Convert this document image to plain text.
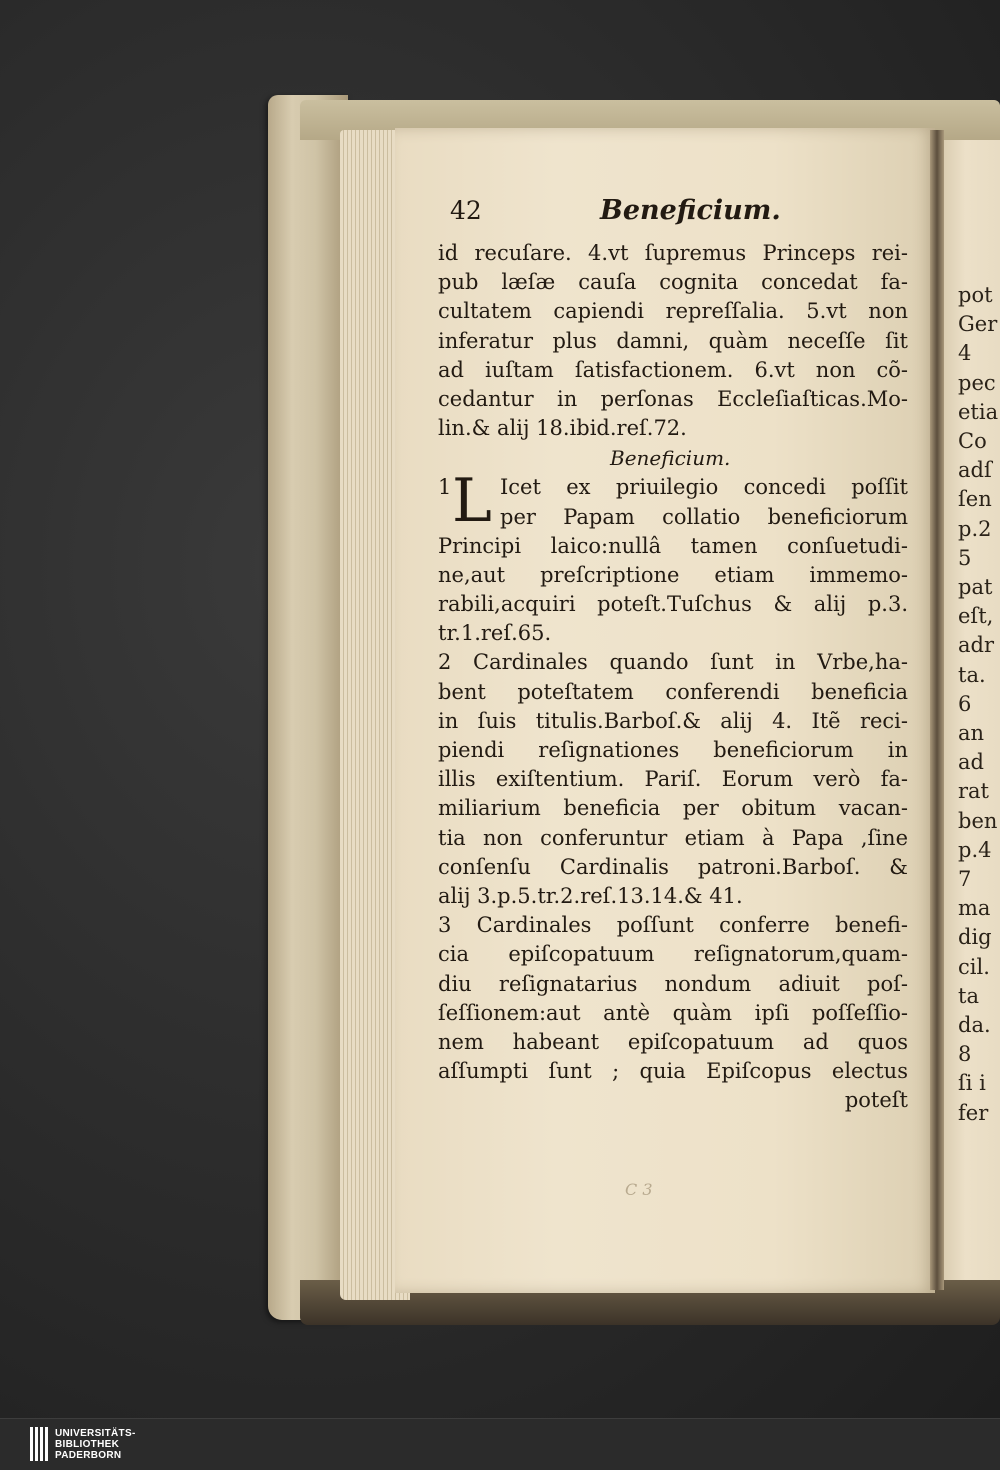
pot
Ger
4
pec
etia
Co
adſ
ſen
p.2
5
pat
eſt,
adr
ta.
6
an
ad
rat
ben
p.4
7
ma
dig
cil.
ta
da.
8
ſi i
fer
42	Beneficium.
id recuſare. 4.vt ſupremus Princeps rei-
pub læſæ cauſa cognita concedat fa-
cultatem capiendi repreſſalia. 5.vt non
inferatur plus damni, quàm neceſſe ſit
ad iuſtam ſatisfactionem. 6.vt non cõ-
cedantur in perſonas Eccleſiaſticas.Mo-
lin.& alij 18.ibid.reſ.72.
Beneficium.
1 L Icet ex priuilegio concedi poſſit
per Papam collatio beneficiorum
Principi laico:nullâ tamen conſuetudi-
ne,aut preſcriptione etiam immemo-
rabili,acquiri poteſt.Tuſchus & alij p.3.
tr.1.reſ.65.
2 Cardinales quando ſunt in Vrbe,ha-
bent poteſtatem conferendi beneficia
in ſuis titulis.Barboſ.& alij 4. Itẽ reci-
piendi reſignationes beneficiorum in
illis exiſtentium. Pariſ. Eorum verò fa-
miliarium beneficia per obitum vacan-
tia non conferuntur etiam à Papa ,ſine
conſenſu Cardinalis patroni.Barboſ. &
alij 3.p.5.tr.2.reſ.13.14.& 41.
3 Cardinales poſſunt conferre benefi-
cia epiſcopatuum reſignatorum,quam-
diu reſignatarius nondum adiuit poſ-
ſeſſionem:aut antè quàm ipſi poſſeſſio-
nem habeant epiſcopatuum ad quos
aſſumpti ſunt ; quia Epiſcopus electus
poteſt
C 3
UNIVERSITÄTS-
BIBLIOTHEK
PADERBORN
